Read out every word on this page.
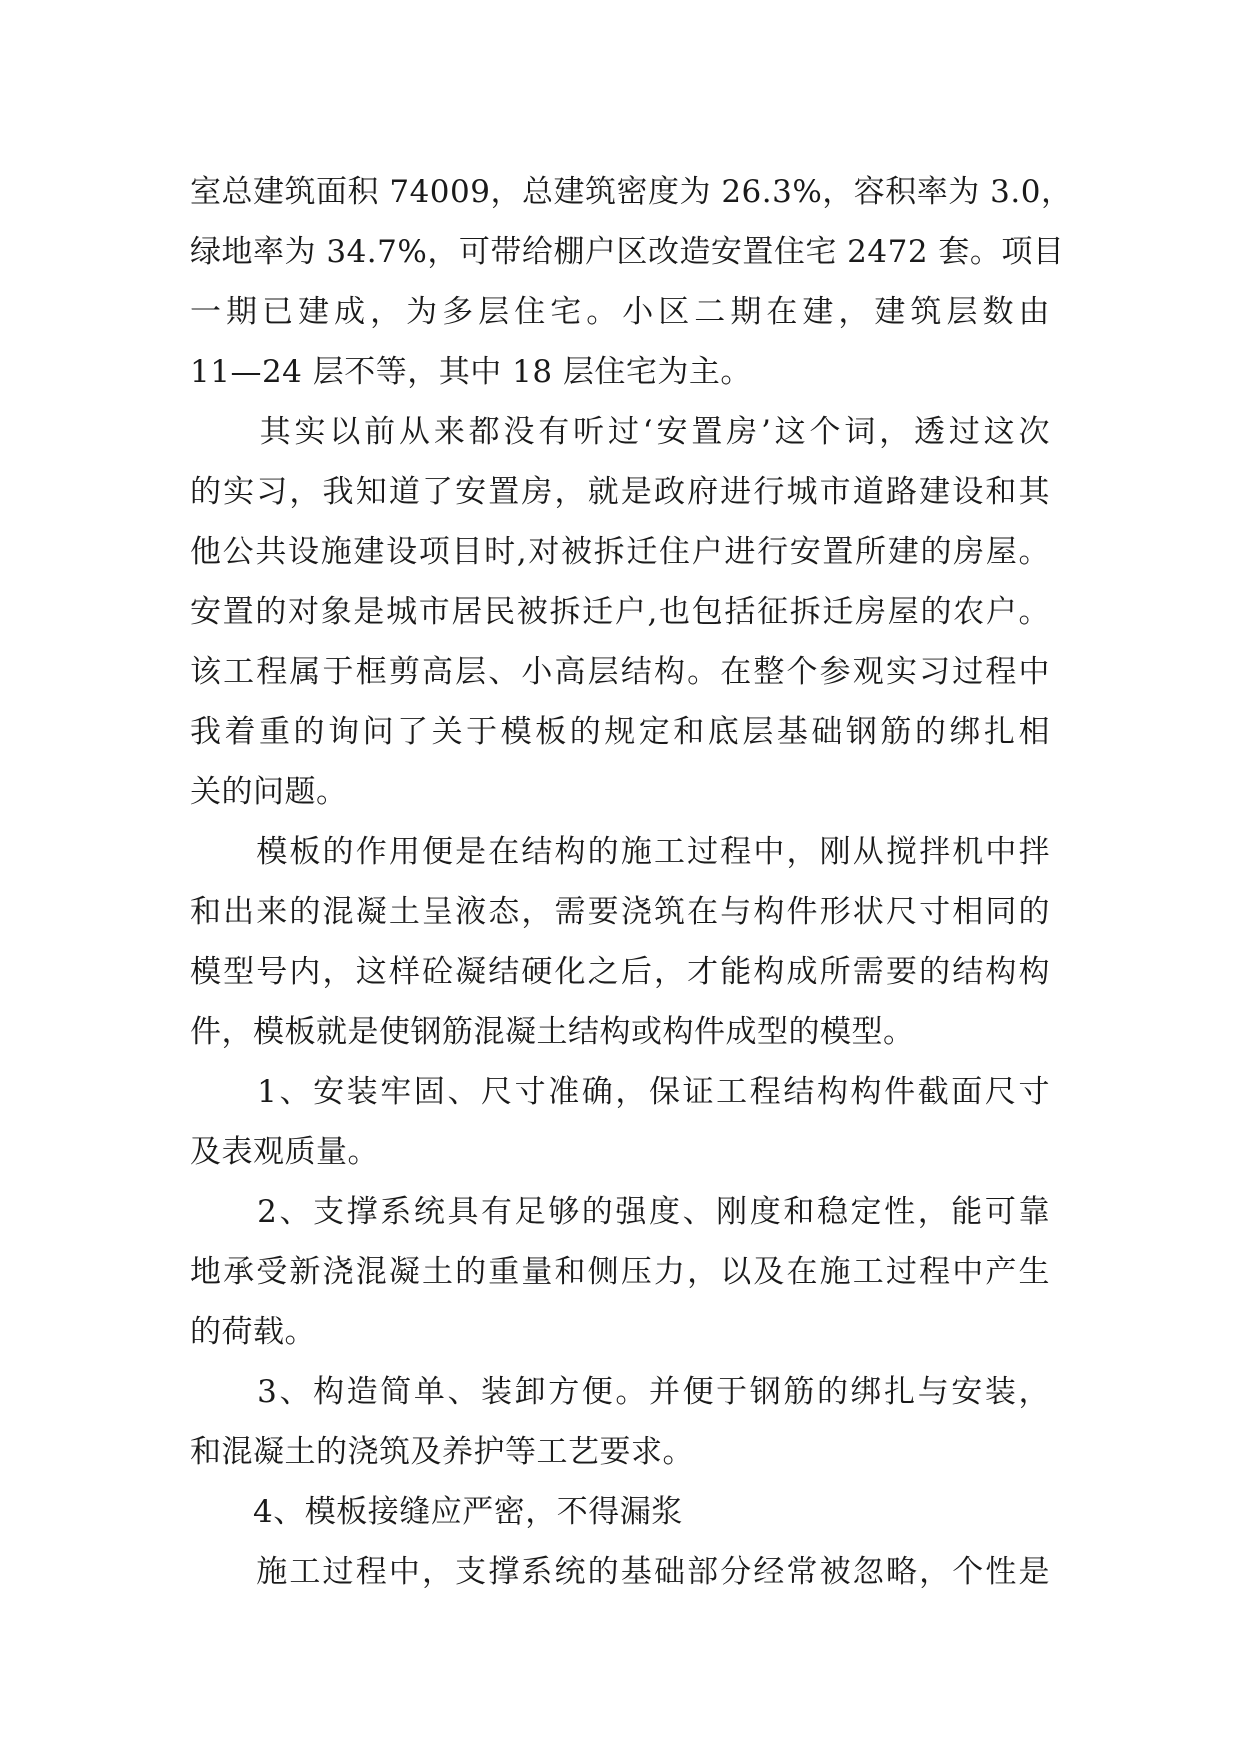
室总建筑面积 74009，总建筑密度为 26.3%，容积率为 3.0，
绿地率为 34.7%，可带给棚户区改造安置住宅 2472 套。项目
一期已建成，为多层住宅。小区二期在建，建筑层数由
11—24 层不等，其中 18 层住宅为主。
　　其实以前从来都没有听过‘安置房’这个词，透过这次
的实习，我知道了安置房，就是政府进行城市道路建设和其
他公共设施建设项目时,对被拆迁住户进行安置所建的房屋。
安置的对象是城市居民被拆迁户,也包括征拆迁房屋的农户。
该工程属于框剪高层、小高层结构。在整个参观实习过程中
我着重的询问了关于模板的规定和底层基础钢筋的绑扎相
关的问题。
　　模板的作用便是在结构的施工过程中，刚从搅拌机中拌
和出来的混凝土呈液态，需要浇筑在与构件形状尺寸相同的
模型号内，这样砼凝结硬化之后，才能构成所需要的结构构
件，模板就是使钢筋混凝土结构或构件成型的模型。
　　1、安装牢固、尺寸准确，保证工程结构构件截面尺寸
及表观质量。
　　2、支撑系统具有足够的强度、刚度和稳定性，能可靠
地承受新浇混凝土的重量和侧压力，以及在施工过程中产生
的荷载。
　　3、构造简单、装卸方便。并便于钢筋的绑扎与安装，
和混凝土的浇筑及养护等工艺要求。
　　4、模板接缝应严密，不得漏浆
　　施工过程中，支撑系统的基础部分经常被忽略，个性是
